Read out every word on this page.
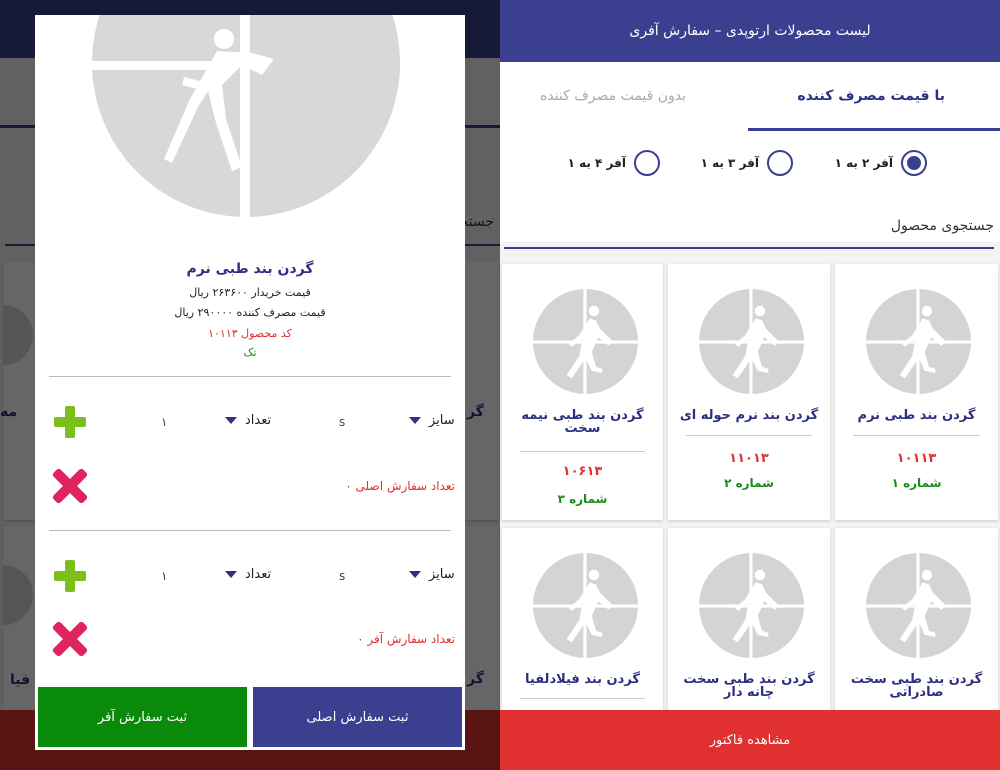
گردن بند طبی نرم
قیمت خریدار ۲۶۳۶۰۰ ریال
قیمت مصرف کننده ۲۹۰۰۰۰ ریال
کد محصول ۱۰۱۱۳
تک
۱	تعداد	s	سایز
تعداد سفارش اصلی ۰
۱	تعداد	s	سایز
تعداد سفارش آفر ۰
ثبت سفارش اصلی
ثبت سفارش آفر
لیست محصولات ارتوپدی – سفارش آفری
با قیمت مصرف کننده
بدون قیمت مصرف کننده
آفر ۲ به ۱
آفر ۳ به ۱
آفر ۴ به ۱
جستجوی محصول
گردن بند طبی نرم
۱۰۱۱۳
شماره ۱
گردن بند نرم حوله ای
۱۱۰۱۳
شماره ۲
گردن بند طبی نیمه سخت
۱۰۶۱۳
شماره ۳
گردن بند طبی سخت صادراتی
گردن بند طبی سخت چانه دار
گردن بند فیلادلفیا
مشاهده فاکتور
